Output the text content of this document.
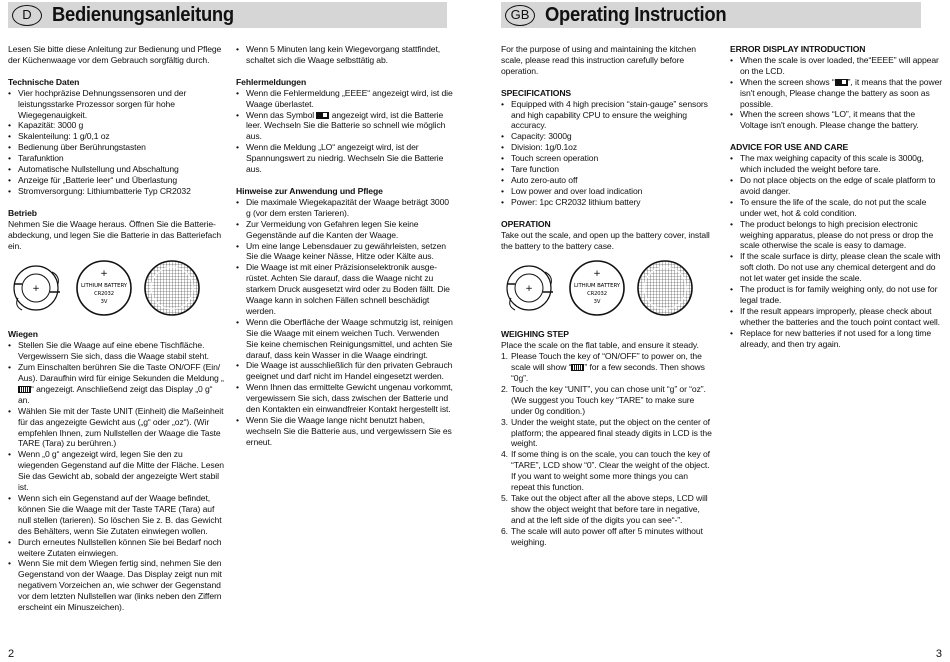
D	Bedienungsanleitung

Lesen Sie bitte diese Anleitung zur Bedienung und Pflege der Küchenwaage vor dem Gebrauch sorgfältig durch.

Technische Daten
• Vier hochpräzise Dehnungssensoren und der leistungsstarke Prozessor sorgen für hohe Wiegegenauigkeit.
• Kapazität: 3000 g
• Skalenteilung: 1 g/0,1 oz
• Bedienung über Berührungstasten
• Tarafunktion
• Automatische Nullstellung und Abschaltung
• Anzeige für „Batterie leer“ und Überlastung
• Stromversorgung: Lithiumbatterie Typ CR2032
Betrieb

Nehmen Sie die Waage heraus. Öffnen Sie die Batterie-abdeckung, und legen Sie die Batterie in das Batteriefach ein.

+
+
LITHIUM BATTERY
CR2032
3V
Wiegen
• Stellen Sie die Waage auf eine ebene Tischfläche. Vergewissern Sie sich, dass die Waage stabil steht.
• Zum Einschalten berühren Sie die Taste ON/OFF (Ein/ Aus). Daraufhin wird für einige Sekunden die Meldung „“ angezeigt. Anschließend zeigt das Display „0 g“ an.
• Wählen Sie mit der Taste UNIT (Einheit) die Maßeinheit für das angezeigte Gewicht aus („g“ oder „oz“). (Wir empfehlen Ihnen, zum Nullstellen der Waage die Taste TARE (Tara) zu berühren.)
• Wenn „0 g“ angezeigt wird, legen Sie den zu wiegenden Gegenstand auf die Mitte der Fläche. Lesen Sie das Gewicht ab, sobald der angezeigte Wert stabil ist.
• Wenn sich ein Gegenstand auf der Waage befindet, können Sie die Waage mit der Taste TARE (Tara) auf null stellen (tarieren). So löschen Sie z. B. das Gewicht des Behälters, wenn Sie Zutaten einwiegen wollen.
• Durch erneutes Nullstellen können Sie bei Bedarf noch weitere Zutaten einwiegen.
• Wenn Sie mit dem Wiegen fertig sind, nehmen Sie den Gegenstand von der Waage. Das Display zeigt nun mit negativem Vorzeichen an, wie schwer der Gegenstand vor dem letzten Nullstellen war (links neben den Ziffern erscheint ein Minuszeichen).
• Wenn 5 Minuten lang kein Wiegevorgang stattfindet, schaltet sich die Waage selbsttätig ab.
Fehlermeldungen
• Wenn die Fehlermeldung „EEEE“ angezeigt wird, ist die Waage überlastet.
• Wenn das Symbol angezeigt wird, ist die Batterie leer. Wechseln Sie die Batterie so schnell wie möglich aus.
• Wenn die Meldung „LO“ angezeigt wird, ist der Spannungswert zu niedrig. Wechseln Sie die Batterie aus.
Hinweise zur Anwendung und Pflege
• Die maximale Wiegekapazität der Waage beträgt 3000 g (vor dem ersten Tarieren).
• Zur Vermeidung von Gefahren legen Sie keine Gegenstände auf die Kanten der Waage.
• Um eine lange Lebensdauer zu gewährleisten, setzen Sie die Waage keiner Nässe, Hitze oder Kälte aus.
• Die Waage ist mit einer Präzisionselektronik ausge-rüstet. Achten Sie darauf, dass die Waage nicht zu starkem Druck ausgesetzt wird oder zu Boden fällt. Die Waage kann in solchen Fällen schnell beschädigt werden.
• Wenn die Oberfläche der Waage schmutzig ist, reinigen Sie die Waage mit einem weichen Tuch. Verwenden Sie keine chemischen Reinigungsmittel, und achten Sie darauf, dass kein Wasser in die Waage eindringt.
• Die Waage ist ausschließlich für den privaten Gebrauch geeignet und darf nicht im Handel eingesetzt werden.
• Wenn Ihnen das ermittelte Gewicht ungenau vorkommt, vergewissern Sie sich, dass zwischen der Batterie und den Kontakten ein einwandfreier Kontakt hergestellt ist.
• Wenn Sie die Waage lange nicht benutzt haben, wechseln Sie die Batterie aus, und vergewissern Sie es erneut.
2
GB Operating Instruction

For the purpose of using and maintaining the kitchen scale, please read this instruction carefully before operation.

SPECIFICATIONS
• Equipped with 4 high precision “stain-gauge” sensors and high capability CPU to ensure the weighing accuracy.
• Capacity: 3000g
• Division: 1g/0.1oz
• Touch screen operation
• Tare function
• Auto zero-auto off
• Low power and over load indication
• Power: 1pc CR2032 lithium battery
OPERATION

Take out the scale, and open up the battery cover, install the battery to the battery case.

+
+
LITHIUM BATTERY
CR2032
3V
WEIGHING STEP

Place the scale on the flat table, and ensure it steady.

1. Please Touch the key of “ON/OFF” to power on, the scale will show “ ” for a few seconds. Then shows “0g”.
2. Touch the key “UNIT”, you can chose unit “g” or “oz”. (We suggest you Touch key “TARE” to make sure under 0g condition.)
3. Under the weight state, put the object on the center of platform; the appeared final steady digits in LCD is the weight.
4. If some thing is on the scale, you can touch the key of “TARE”, LCD show “0”. Clear the weight of the object. If you want to weight some more things you can repeat this function.
5. Take out the object after all the above steps, LCD will show the object weight that before tare in negative, and at the left side of the digits you can see“-”.
6. The scale will auto power off after 5 minutes without weighing.
ERROR DISPLAY INTRODUCTION
• When the scale is over loaded, the“EEEE” will appear on the LCD.
• When the screen shows “ ”, it means that the power isn't enough, Please change the battery as soon as possible.
• When the screen shows “LO”, it means that the Voltage isn't enough. Please change the battery.
ADVICE FOR USE AND CARE
• The max weighing capacity of this scale is 3000g, which included the weight before tare.
• Do not place objects on the edge of scale platform to avoid danger.
• To ensure the life of the scale, do not put the scale under wet, hot & cold condition.
• The product belongs to high precision electronic weighing apparatus, please do not press or drop the scale otherwise the scale is easy to damage.
• If the scale surface is dirty, please clean the scale with soft cloth. Do not use any chemical detergent and do not let water get inside the scale.
• The product is for family weighing only, do not use for legal trade.
• If the result appears improperly, please check about whether the batteries and the touch point contact well.
• Replace for new batteries if not used for a long time already, and then try again.
3
